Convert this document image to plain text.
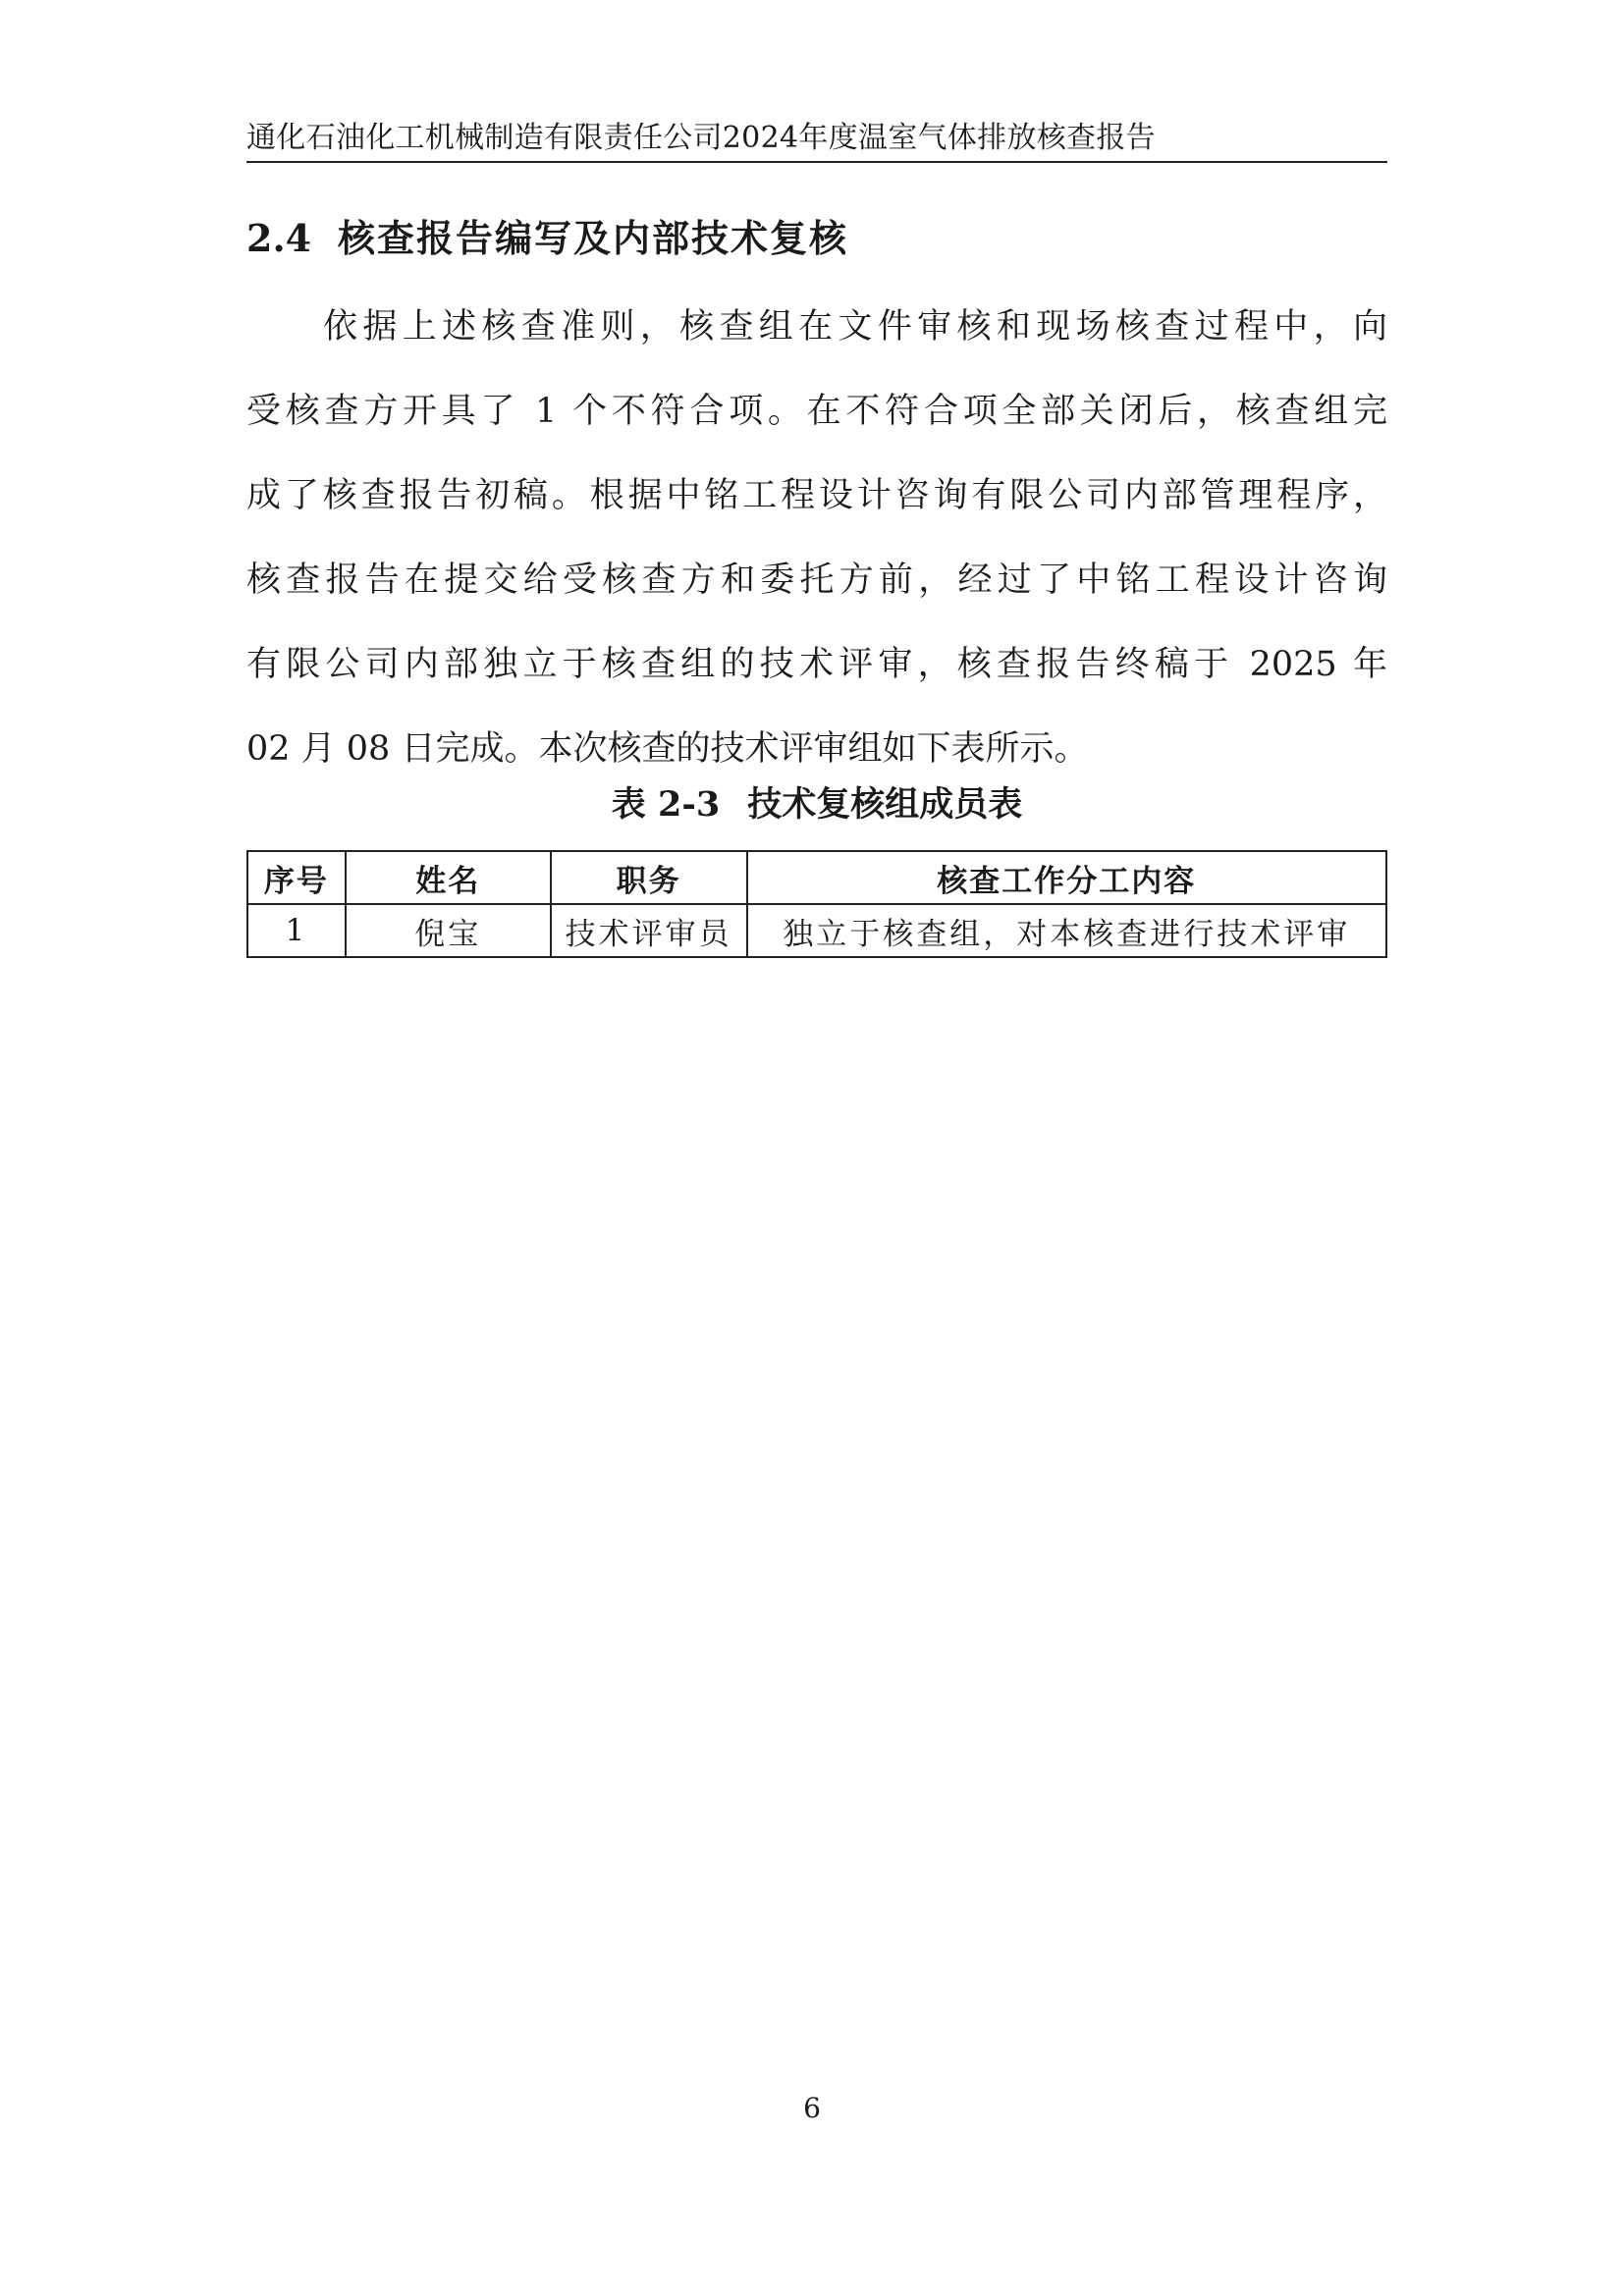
通化石油化工机械制造有限责任公司2024年度温室气体排放核查报告
2.4 核查报告编写及内部技术复核
依据上述核查准则，核查组在文件审核和现场核查过程中，向
受核查方开具了 1 个不符合项。在不符合项全部关闭后，核查组完
成了核查报告初稿。根据中铭工程设计咨询有限公司内部管理程序，
核查报告在提交给受核查方和委托方前，经过了中铭工程设计咨询
有限公司内部独立于核查组的技术评审，核查报告终稿于 2025 年
02 月 08 日完成。本次核查的技术评审组如下表所示。
表 2-3 技术复核组成员表
序号	姓名	职务	核查工作分工内容
1	倪宝	技术评审员	独立于核查组，对本核查进行技术评审
6
